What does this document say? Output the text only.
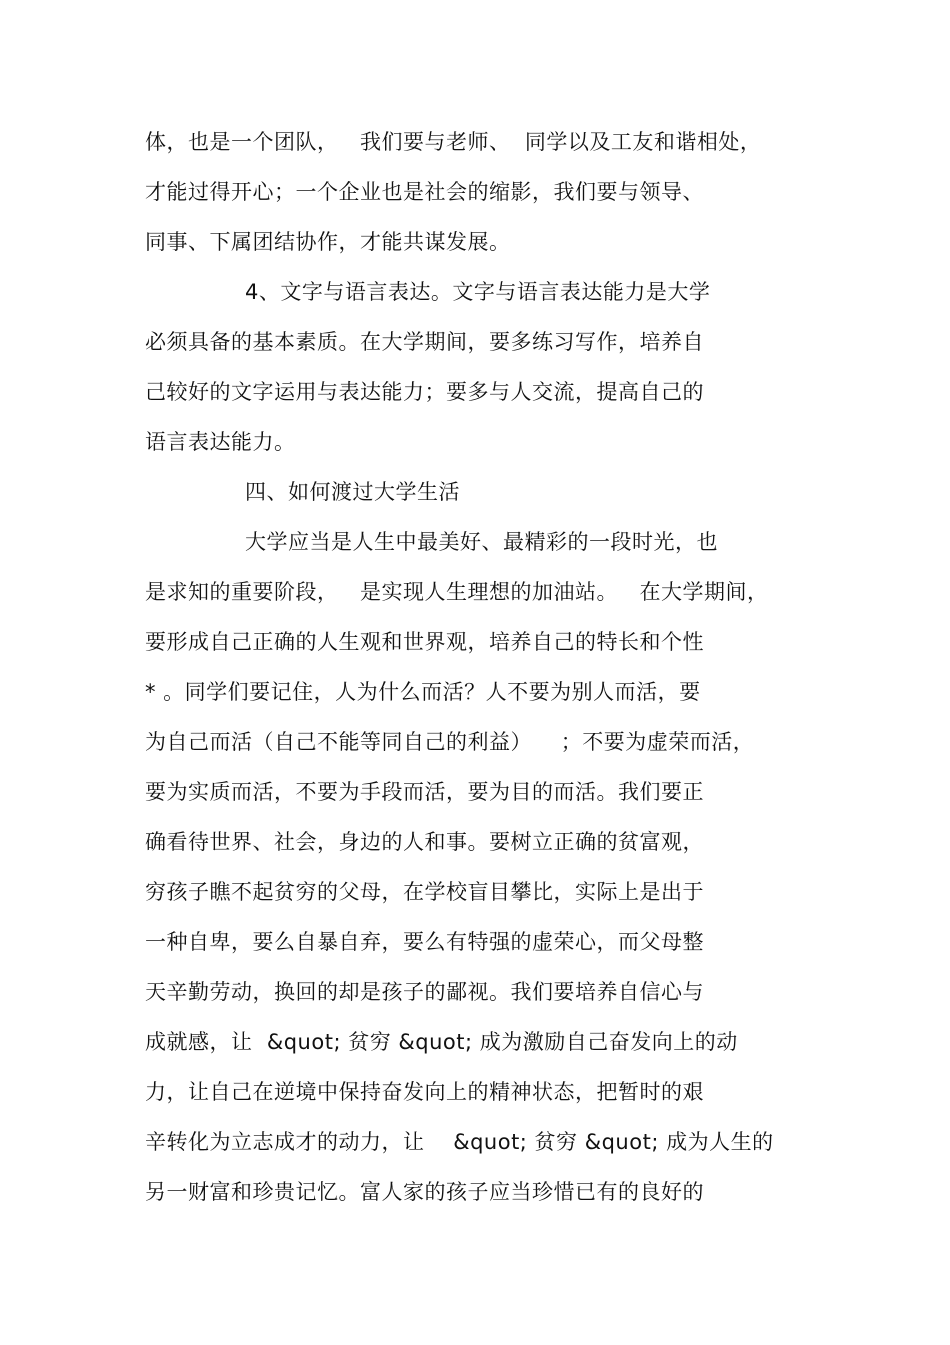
体，也是一个团队，   我们要与老师、  同学以及工友和谐相处，
才能过得开心；一个企业也是社会的缩影，我们要与领导、
同事、下属团结协作，才能共谋发展。
4、文字与语言表达。文字与语言表达能力是大学
必须具备的基本素质。在大学期间，要多练习写作，培养自
己较好的文字运用与表达能力；要多与人交流，提高自己的
语言表达能力。
四、如何渡过大学生活
大学应当是人生中最美好、最精彩的一段时光，也
是求知的重要阶段，   是实现人生理想的加油站。   在大学期间，
要形成自己正确的人生观和世界观，培养自己的特长和个性
* 。同学们要记住，人为什么而活？人不要为别人而活，要
为自己而活（自己不能等同自己的利益）    ；不要为虚荣而活，
要为实质而活，不要为手段而活，要为目的而活。我们要正
确看待世界、社会，身边的人和事。要树立正确的贫富观，
穷孩子瞧不起贫穷的父母，在学校盲目攀比，实际上是出于
一种自卑，要么自暴自弃，要么有特强的虚荣心，而父母整
天辛勤劳动，换回的却是孩子的鄙视。我们要培养自信心与
成就感，让  &quot; 贫穷 &quot; 成为激励自己奋发向上的动
力，让自己在逆境中保持奋发向上的精神状态，把暂时的艰
辛转化为立志成才的动力，让    &quot; 贫穷 &quot; 成为人生的
另一财富和珍贵记忆。富人家的孩子应当珍惜已有的良好的
